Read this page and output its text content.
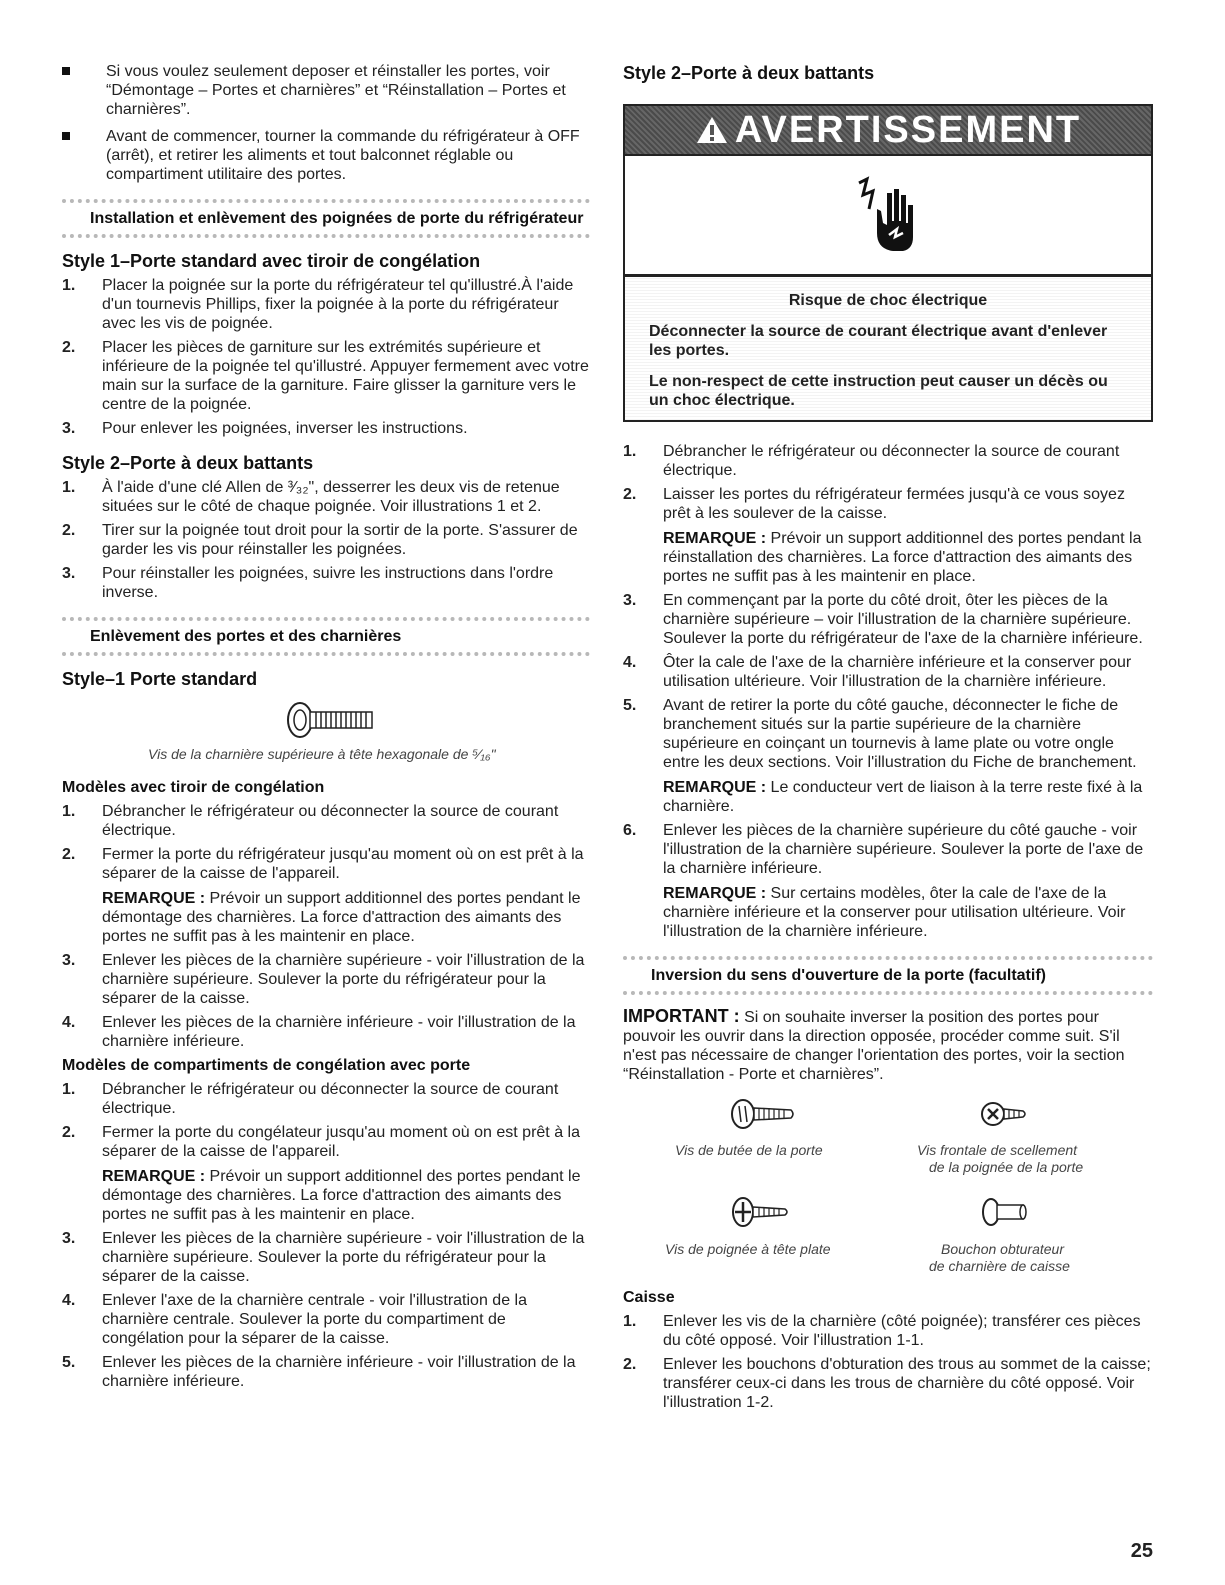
Si vous voulez seulement deposer et réinstaller les portes, voir “Démontage – Portes et charnières” et “Réinstallation – Portes et charnières”.
Avant de commencer, tourner la commande du réfrigérateur à OFF (arrêt), et retirer les aliments et tout balconnet réglable ou compartiment utilitaire des portes.
Installation et enlèvement des poignées de porte du réfrigérateur
Style 1–Porte standard avec tiroir de congélation
1. Placer la poignée sur la porte du réfrigérateur tel qu'illustré.À l'aide d'un tournevis Phillips, fixer la poignée à la porte du réfrigérateur avec les vis de poignée.
2. Placer les pièces de garniture sur les extrémités supérieure et inférieure de la poignée tel qu'illustré. Appuyer fermement avec votre main sur la surface de la garniture. Faire glisser la garniture vers le centre de la poignée.
3. Pour enlever les poignées, inverser les instructions.
Style 2–Porte à deux battants
1. À l'aide d'une clé Allen de ³⁄₃₂", desserrer les deux vis de retenue situées sur le côté de chaque poignée. Voir illustrations 1 et 2.
2. Tirer sur la poignée tout droit pour la sortir de la porte. S'assurer de garder les vis pour réinstaller les poignées.
3. Pour réinstaller les poignées, suivre les instructions dans l'ordre inverse.
Enlèvement des portes et des charnières
Style–1 Porte standard
Vis de la charnière supérieure à tête hexagonale de ⁵⁄₁₆"
Modèles avec tiroir de congélation
1. Débrancher le réfrigérateur ou déconnecter la source de courant électrique.
2. Fermer la porte du réfrigérateur jusqu'au moment où on est prêt à la séparer de la caisse de l'appareil.

REMARQUE : Prévoir un support additionnel des portes pendant le démontage des charnières. La force d'attraction des aimants des portes ne suffit pas à les maintenir en place.

3. Enlever les pièces de la charnière supérieure - voir l'illustration de la charnière supérieure. Soulever la porte du réfrigérateur pour la séparer de la caisse.
4. Enlever les pièces de la charnière inférieure - voir l'illustration de la charnière inférieure.
Modèles de compartiments de congélation avec porte
1. Débrancher le réfrigérateur ou déconnecter la source de courant électrique.
2. Fermer la porte du congélateur jusqu'au moment où on est prêt à la séparer de la caisse de l'appareil.

REMARQUE : Prévoir un support additionnel des portes pendant le démontage des charnières. La force d'attraction des aimants des portes ne suffit pas à les maintenir en place.

3. Enlever les pièces de la charnière supérieure - voir l'illustration de la charnière supérieure. Soulever la porte du réfrigérateur pour la séparer de la caisse.
4. Enlever l'axe de la charnière centrale - voir l'illustration de la charnière centrale. Soulever la porte du compartiment de congélation pour la séparer de la caisse.
5. Enlever les pièces de la charnière inférieure - voir l'illustration de la charnière inférieure.
Style 2–Porte à deux battants
AVERTISSEMENT

Risque de choc électrique

Déconnecter la source de courant électrique avant d'enlever les portes.

Le non-respect de cette instruction peut causer un décès ou un choc électrique.

1. Débrancher le réfrigérateur ou déconnecter la source de courant électrique.
2. Laisser les portes du réfrigérateur fermées jusqu'à ce vous soyez prêt à les soulever de la caisse.

REMARQUE : Prévoir un support additionnel des portes pendant la réinstallation des charnières. La force d'attraction des aimants des portes ne suffit pas à les maintenir en place.

3. En commençant par la porte du côté droit, ôter les pièces de la charnière supérieure – voir l'illustration de la charnière supérieure. Soulever la porte du réfrigérateur de l'axe de la charnière inférieure.
4. Ôter la cale de l'axe de la charnière inférieure et la conserver pour utilisation ultérieure. Voir l'illustration de la charnière inférieure.
5. Avant de retirer la porte du côté gauche, déconnecter le fiche de branchement situés sur la partie supérieure de la charnière supérieure en coinçant un tournevis à lame plate ou votre ongle entre les deux sections. Voir l'illustration du Fiche de branchement.

REMARQUE : Le conducteur vert de liaison à la terre reste fixé à la charnière.

6. Enlever les pièces de la charnière supérieure du côté gauche - voir l'illustration de la charnière supérieure. Soulever la porte de l'axe de la charnière inférieure.

REMARQUE : Sur certains modèles, ôter la cale de l'axe de la charnière inférieure et la conserver pour utilisation ultérieure. Voir l'illustration de la charnière inférieure.

Inversion du sens d'ouverture de la porte (facultatif)

IMPORTANT : Si on souhaite inverser la position des portes pour pouvoir les ouvrir dans la direction opposée, procéder comme suit. S'il n'est pas nécessaire de changer l'orientation des portes, voir la section “Réinstallation - Porte et charnières”.

Vis de butée de la porte	Vis frontale de scellement
de la poignée de la porte
Vis de poignée à tête plate	Bouchon obturateur
de charnière de caisse
Caisse
1. Enlever les vis de la charnière (côté poignée); transférer ces pièces du côté opposé. Voir l'illustration 1-1.
2. Enlever les bouchons d'obturation des trous au sommet de la caisse; transférer ceux-ci dans les trous de charnière du côté opposé. Voir l'illustration 1-2.
25
